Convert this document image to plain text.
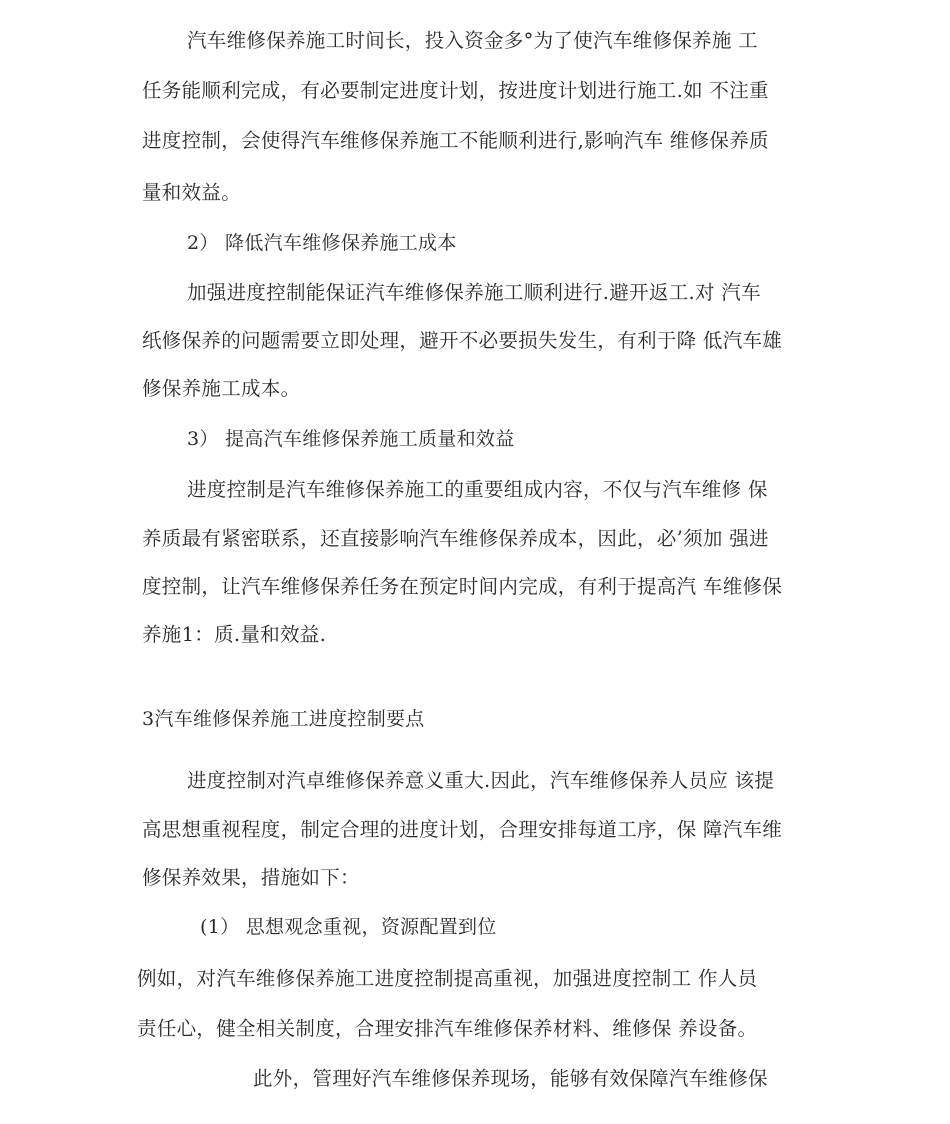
汽车维修保养施工时间长，投入资金多°为了使汽车维修保养施 工
任务能顺利完成，有必要制定进度计划，按进度计划进行施工.如 不注重
进度控制，会使得汽车维修保养施工不能顺利进行,影响汽车 维修保养质
量和效益。
2） 降低汽车维修保养施工成本
加强进度控制能保证汽车维修保养施工顺利进行.避开返工.对 汽车
纸修保养的问题需要立即处理，避开不必要损失发生，有利于降 低汽车雄
修保养施工成本。
3） 提高汽车维修保养施工质量和效益
进度控制是汽车维修保养施工的重要组成内容，不仅与汽车维修 保
养质最有紧密联系，还直接影响汽车维修保养成本，因此，必’须加 强进
度控制，让汽车维修保养任务在预定时间内完成，有利于提高汽 车维修保
养施1：质.量和效益.
3汽车维修保养施工进度控制要点
进度控制对汽卓维修保养意义重大.因此，汽车维修保养人员应 该提
高思想重视程度，制定合理的进度计划，合理安排每道工序，保 障汽车维
修保养效果，措施如下：
(1） 思想观念重视，资源配置到位
例如，对汽车维修保养施工进度控制提高重视，加强进度控制工 作人员
责任心，健全相关制度，合理安排汽车维修保养材料、维修保 养设备。
此外，管理好汽车维修保养现场，能够有效保障汽车维修保
